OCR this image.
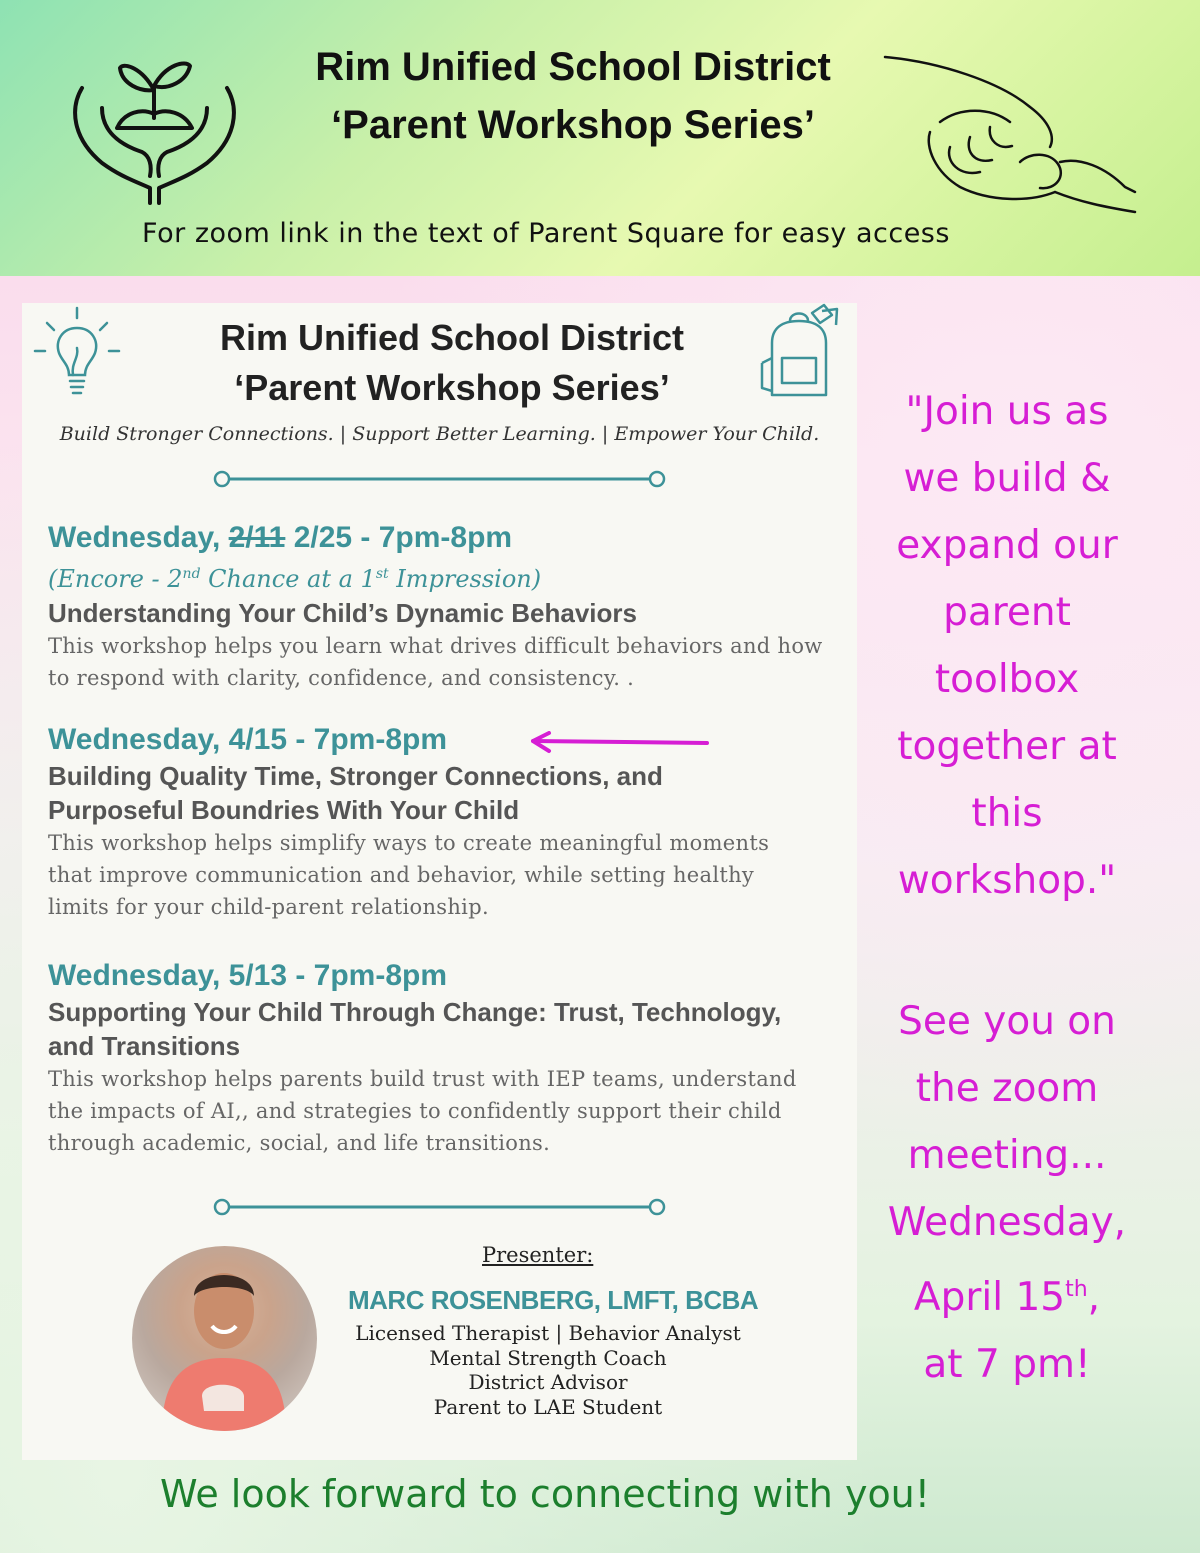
Rim Unified School District
‘Parent Workshop Series’
For zoom link in the text of Parent Square for easy access
Rim Unified School District
‘Parent Workshop Series’
Build Stronger Connections. | Support Better Learning. | Empower Your Child.
Wednesday, 2/11 2/25 - 7pm-8pm
(Encore - 2nd Chance at a 1st Impression)
Understanding Your Child’s Dynamic Behaviors
This workshop helps you learn what drives difficult behaviors and how to respond with clarity, confidence, and consistency. .
Wednesday, 4/15 - 7pm-8pm
Building Quality Time, Stronger Connections, and Purposeful Boundries With Your Child
This workshop helps simplify ways to create meaningful moments that improve communication and behavior, while setting healthy limits for your child-parent relationship.
Wednesday, 5/13 - 7pm-8pm
Supporting Your Child Through Change: Trust, Technology, and Transitions
This workshop helps parents build trust with IEP teams, understand the impacts of AI,, and strategies to confidently support their child through academic, social, and life transitions.
Presenter:
MARC ROSENBERG, LMFT, BCBA
Licensed Therapist | Behavior Analyst
Mental Strength Coach
District Advisor
Parent to LAE Student
"Join us as
we build &
expand our
parent
toolbox
together at
this
workshop."
See you on
the zoom
meeting...
Wednesday,
April 15th,
at 7 pm!
We look forward to connecting with you!
